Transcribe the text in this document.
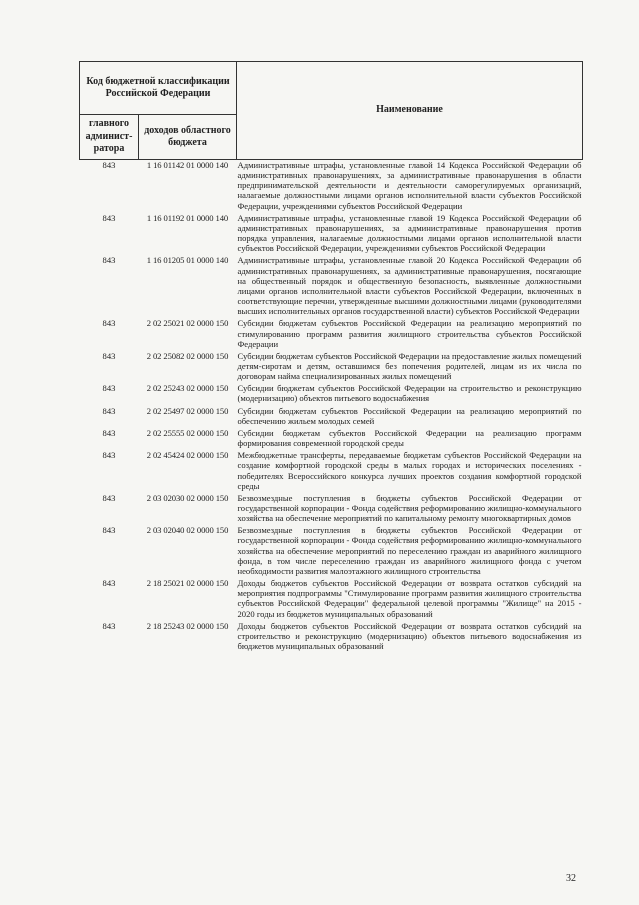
Код бюджетной классификации Российской Федерации		Наименование
главного админист-ратора	доходов областного бюджета	
843	1 16 01142 01 0000 140	Административные штрафы, установленные главой 14 Кодекса Российской Федерации об административных правонарушениях, за административные правонарушения в области предпринимательской деятельности и деятельности саморегулируемых организаций, налагаемые должностными лицами органов исполнительной власти субъектов Российской Федерации, учреждениями субъектов Российской Федерации
843	1 16 01192 01 0000 140	Административные штрафы, установленные главой 19 Кодекса Российской Федерации об административных правонарушениях, за административные правонарушения против порядка управления, налагаемые должностными лицами органов исполнительной власти субъектов Российской Федерации, учреждениями субъектов Российской Федерации
843	1 16 01205 01 0000 140	Административные штрафы, установленные главой 20 Кодекса Российской Федерации об административных правонарушениях, за административные правонарушения, посягающие на общественный порядок и общественную безопасность, выявленные должностными лицами органов исполнительной власти субъектов Российской Федерации, включенных в соответствующие перечни, утвержденные высшими должностными лицами (руководителями высших исполнительных органов государственной власти) субъектов Российской Федерации
843	2 02 25021 02 0000 150	Субсидии бюджетам субъектов Российской Федерации на реализацию мероприятий по стимулированию программ развития жилищного строительства субъектов Российской Федерации
843	2 02 25082 02 0000 150	Субсидии бюджетам субъектов Российской Федерации на предоставление жилых помещений детям-сиротам и детям, оставшимся без попечения родителей, лицам из их числа по договорам найма специализированных жилых помещений
843	2 02 25243 02 0000 150	Субсидии бюджетам субъектов Российской Федерации на строительство и реконструкцию (модернизацию) объектов питьевого водоснабжения
843	2 02 25497 02 0000 150	Субсидии бюджетам субъектов Российской Федерации на реализацию мероприятий по обеспечению жильем молодых семей
843	2 02 25555 02 0000 150	Субсидии бюджетам субъектов Российской Федерации на реализацию программ формирования современной городской среды
843	2 02 45424 02 0000 150	Межбюджетные трансферты, передаваемые бюджетам субъектов Российской Федерации на создание комфортной городской среды в малых городах и исторических поселениях - победителях Всероссийского конкурса лучших проектов создания комфортной городской среды
843	2 03 02030 02 0000 150	Безвозмездные поступления в бюджеты субъектов Российской Федерации от государственной корпорации - Фонда содействия реформированию жилищно-коммунального хозяйства на обеспечение мероприятий по капитальному ремонту многоквартирных домов
843	2 03 02040 02 0000 150	Безвозмездные поступления в бюджеты субъектов Российской Федерации от государственной корпорации - Фонда содействия реформированию жилищно-коммунального хозяйства на обеспечение мероприятий по переселению граждан из аварийного жилищного фонда, в том числе переселению граждан из аварийного жилищного фонда с учетом необходимости развития малоэтажного жилищного строительства
843	2 18 25021 02 0000 150	Доходы бюджетов субъектов Российской Федерации от возврата остатков субсидий на мероприятия подпрограммы "Стимулирование программ развития жилищного строительства субъектов Российской Федерации" федеральной целевой программы "Жилище" на 2015 - 2020 годы из бюджетов муниципальных образований
843	2 18 25243 02 0000 150	Доходы бюджетов субъектов Российской Федерации от возврата остатков субсидий на строительство и реконструкцию (модернизацию) объектов питьевого водоснабжения из бюджетов муниципальных образований
32
